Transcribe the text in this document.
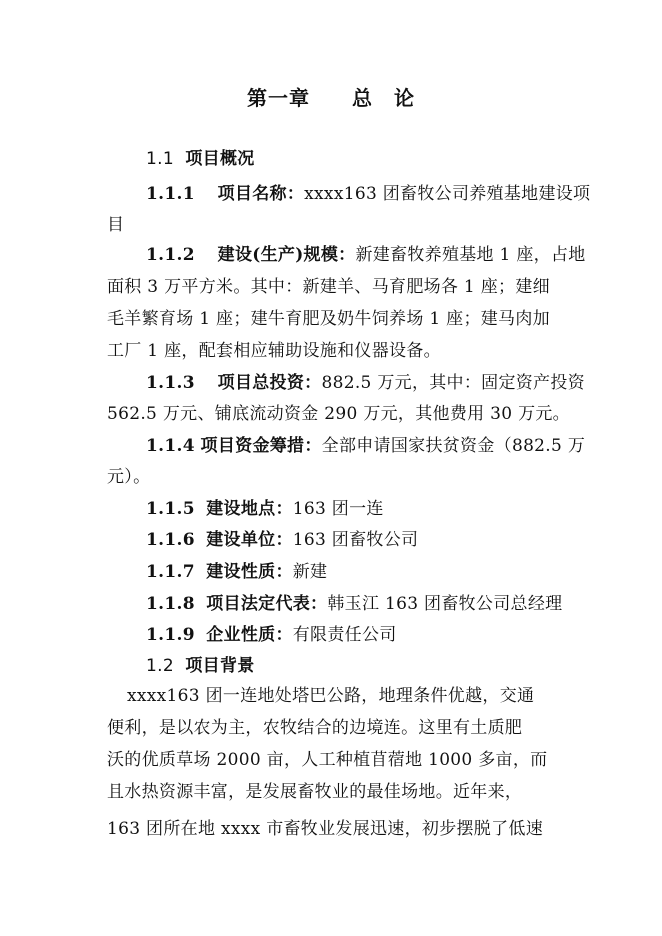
第一章　　总　论
1.1 项目概况
1.1.1 项目名称：xxxx163 团畜牧公司养殖基地建设项
目
1.1.2 建设(生产)规模：新建畜牧养殖基地 1 座，占地
面积 3 万平方米。其中：新建羊、马育肥场各 1 座；建细
毛羊繁育场 1 座；建牛育肥及奶牛饲养场 1 座；建马肉加
工厂 1 座，配套相应辅助设施和仪器设备。
1.1.3 项目总投资：882.5 万元，其中：固定资产投资
562.5 万元、铺底流动资金 290 万元，其他费用 30 万元。
1.1.4 项目资金筹措：全部申请国家扶贫资金（882.5 万
元）。
1.1.5 建设地点：163 团一连
1.1.6 建设单位：163 团畜牧公司
1.1.7 建设性质：新建
1.1.8 项目法定代表：韩玉江 163 团畜牧公司总经理
1.1.9 企业性质：有限责任公司
1.2 项目背景
xxxx163 团一连地处塔巴公路，地理条件优越，交通
便利，是以农为主，农牧结合的边境连。这里有土质肥
沃的优质草场 2000 亩，人工种植苜蓿地 1000 多亩，而
且水热资源丰富，是发展畜牧业的最佳场地。近年来，
163 团所在地 xxxx 市畜牧业发展迅速，初步摆脱了低速
